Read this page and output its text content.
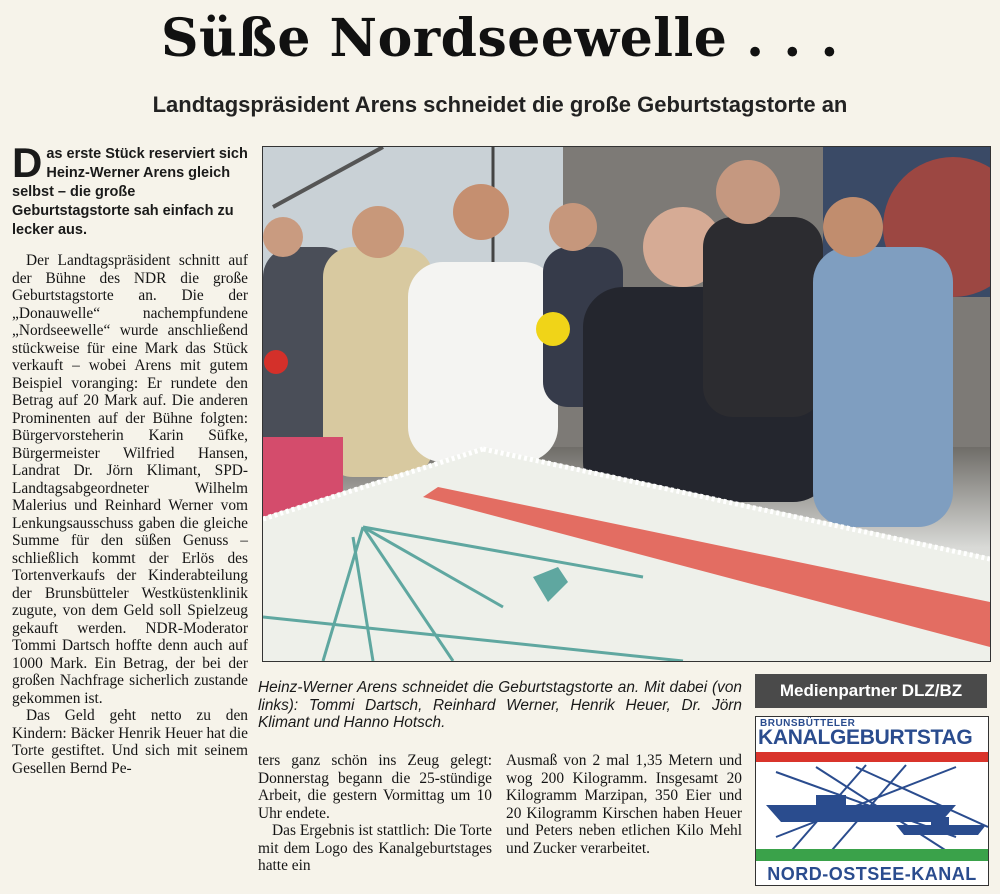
Süße Nordseewelle . . .
Landtagspräsident Arens schneidet die große Geburtstagstorte an
Das erste Stück reserviert sich Heinz-Werner Arens gleich selbst – die große Geburtstagstorte sah einfach zu lecker aus.

Der Landtagspräsident schnitt auf der Bühne des NDR die große Geburtstagstorte an. Die der „Donauwelle“ nachempfundene „Nordseewelle“ wurde anschließend stückweise für eine Mark das Stück verkauft – wobei Arens mit gutem Beispiel voranging: Er rundete den Betrag auf 20 Mark auf. Die anderen Prominenten auf der Bühne folgten: Bürgervorsteherin Karin Süfke, Bürgermeister Wilfried Hansen, Landrat Dr. Jörn Klimant, SPD-Landtagsabgeordneter Wilhelm Malerius und Reinhard Werner vom Lenkungsausschuss gaben die gleiche Summe für den süßen Genuss – schließlich kommt der Erlös des Tortenverkaufs der Kinderabteilung der Brunsbütteler Westküstenklinik zugute, von dem Geld soll Spielzeug gekauft werden. NDR-Moderator Tommi Dartsch hoffte denn auch auf 1000 Mark. Ein Betrag, der bei der großen Nachfrage sicherlich zustande gekommen ist.

Das Geld geht netto zu den Kindern: Bäcker Henrik Heuer hat die Torte gestiftet. Und sich mit seinem Gesellen Bernd Pe-

Heinz-Werner Arens schneidet die Geburtstagstorte an. Mit dabei (von links): Tommi Dartsch, Reinhard Werner, Henrik Heuer, Dr. Jörn Klimant und Hanno Hotsch.

ters ganz schön ins Zeug gelegt: Donnerstag begann die 25-stündige Arbeit, die gestern Vormittag um 10 Uhr endete.

Das Ergebnis ist stattlich: Die Torte mit dem Logo des Kanalgeburtstages hatte ein

Ausmaß von 2 mal 1,35 Metern und wog 200 Kilogramm. Insgesamt 20 Kilogramm Marzipan, 350 Eier und 20 Kilogramm Kirschen haben Heuer und Peters neben etlichen Kilo Mehl und Zucker verarbeitet.

Medienpartner DLZ/BZ
BRUNSBÜTTELER
KANALGEBURTSTAG
NORD-OSTSEE-KANAL
